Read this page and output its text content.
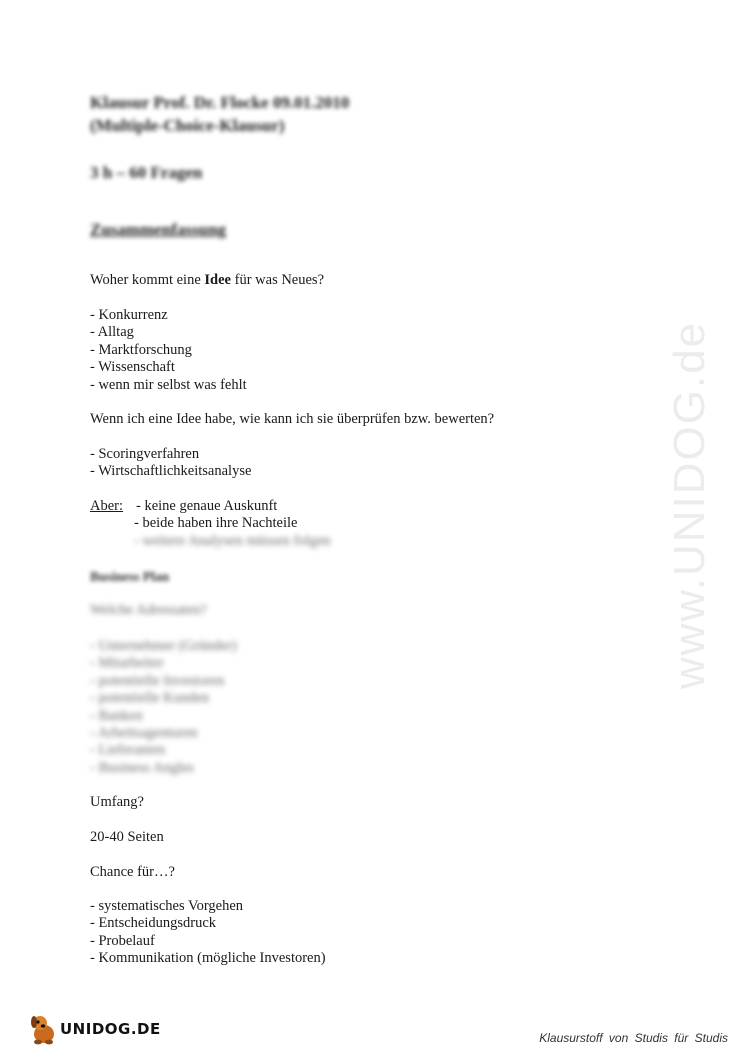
Klausur Prof. Dr. Flocke 09.01.2010
(Multiple-Choice-Klausur)
3 h – 60 Fragen
Zusammenfassung
Woher kommt eine Idee für was Neues?
- Konkurrenz
- Alltag
- Marktforschung
- Wissenschaft
- wenn mir selbst was fehlt
Wenn ich eine Idee habe, wie kann ich sie überprüfen bzw. bewerten?
- Scoringverfahren
- Wirtschaftlichkeitsanalyse
Aber: - keine genaue Auskunft
- beide haben ihre Nachteile
- weitere Analysen müssen folgen
Business Plan
Welche Adressaten?
- Unternehmer (Gründer)
- Mitarbeiter
- potentielle Investoren
- potentielle Kunden
- Banken
- Arbeitsagenturen
- Lieferanten
- Business Angles
Umfang?
20-40 Seiten
Chance für…?
- systematisches Vorgehen
- Entscheidungsdruck
- Probelauf
- Kommunikation (mögliche Investoren)
www.UNIDOG.de
UNIDOG.DE	Klausurstoff von Studis für Studis
